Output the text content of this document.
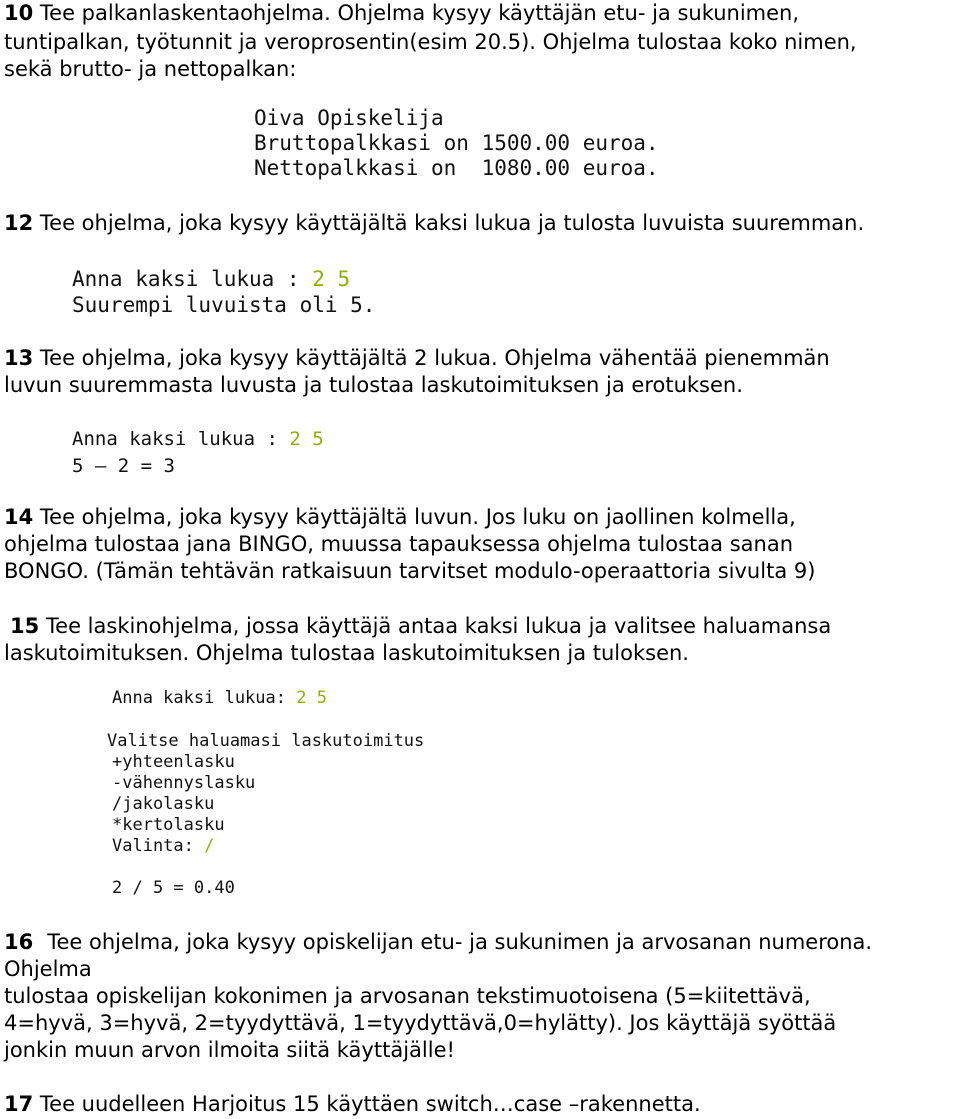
10 Tee palkanlaskentaohjelma. Ohjelma kysyy käyttäjän etu- ja sukunimen,
tuntipalkan, työtunnit ja veroprosentin(esim 20.5). Ohjelma tulostaa koko nimen,
sekä brutto- ja nettopalkan:
Oiva Opiskelija
Bruttopalkkasi on 1500.00 euroa.
Nettopalkkasi on  1080.00 euroa.
12 Tee ohjelma, joka kysyy käyttäjältä kaksi lukua ja tulosta luvuista suuremman.
Anna kaksi lukua : 2 5
Suurempi luvuista oli 5.
13 Tee ohjelma, joka kysyy käyttäjältä 2 lukua. Ohjelma vähentää pienemmän
luvun suuremmasta luvusta ja tulostaa laskutoimituksen ja erotuksen.
Anna kaksi lukua : 2 5
5 – 2 = 3
14 Tee ohjelma, joka kysyy käyttäjältä luvun. Jos luku on jaollinen kolmella,
ohjelma tulostaa jana BINGO, muussa tapauksessa ohjelma tulostaa sanan
BONGO. (Tämän tehtävän ratkaisuun tarvitset modulo-operaattoria sivulta 9)
15 Tee laskinohjelma, jossa käyttäjä antaa kaksi lukua ja valitsee haluamansa
laskutoimituksen. Ohjelma tulostaa laskutoimituksen ja tuloksen.
Anna kaksi lukua: 2 5
Valitse haluamasi laskutoimitus
+yhteenlasku
-vähennyslasku
/jakolasku
*kertolasku
Valinta: /
2 / 5 = 0.40
16 Tee ohjelma, joka kysyy opiskelijan etu- ja sukunimen ja arvosanan numerona.
Ohjelma
tulostaa opiskelijan kokonimen ja arvosanan tekstimuotoisena (5=kiitettävä,
4=hyvä, 3=hyvä, 2=tyydyttävä, 1=tyydyttävä,0=hylätty). Jos käyttäjä syöttää
jonkin muun arvon ilmoita siitä käyttäjälle!
17 Tee uudelleen Harjoitus 15 käyttäen switch…case –rakennetta.
